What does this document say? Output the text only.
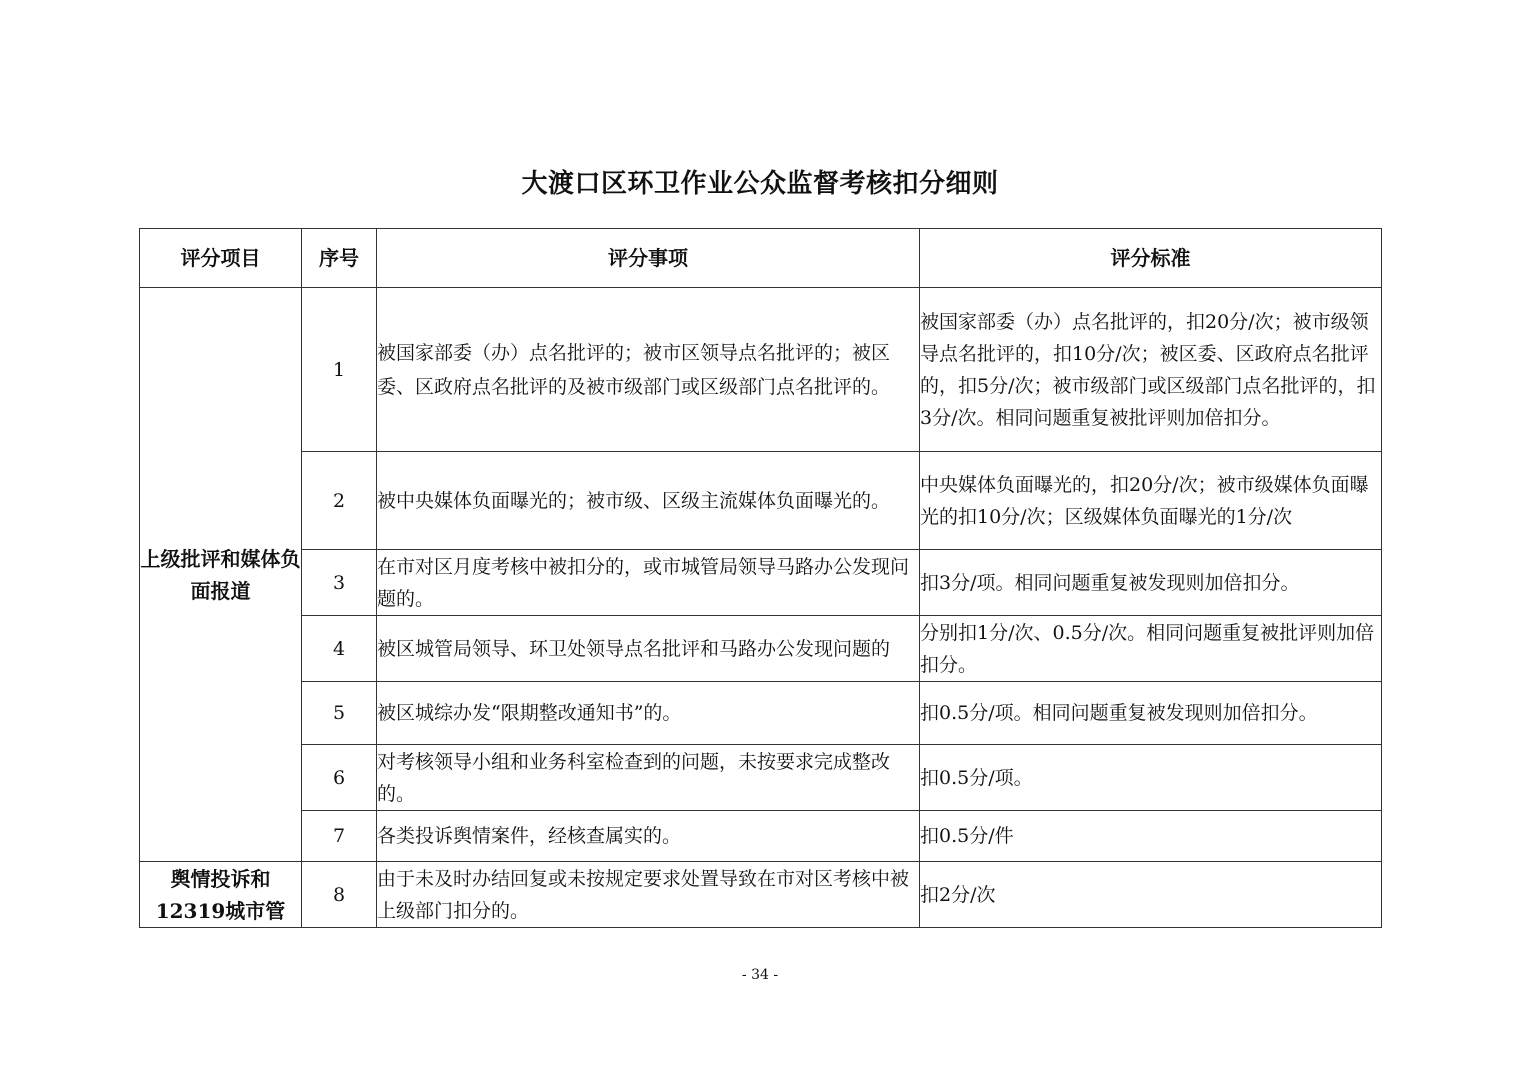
大渡口区环卫作业公众监督考核扣分细则
评分项目	序号	评分事项	评分标准
上级批评和媒体负面报道	1	被国家部委（办）点名批评的；被市区领导点名批评的；被区委、区政府点名批评的及被市级部门或区级部门点名批评的。	被国家部委（办）点名批评的，扣20分/次；被市级领导点名批评的，扣10分/次；被区委、区政府点名批评的，扣5分/次；被市级部门或区级部门点名批评的，扣3分/次。相同问题重复被批评则加倍扣分。
	2	被中央媒体负面曝光的；被市级、区级主流媒体负面曝光的。	中央媒体负面曝光的，扣20分/次；被市级媒体负面曝光的扣10分/次；区级媒体负面曝光的1分/次
	3	在市对区月度考核中被扣分的，或市城管局领导马路办公发现问题的。	扣3分/项。相同问题重复被发现则加倍扣分。
	4	被区城管局领导、环卫处领导点名批评和马路办公发现问题的	分别扣1分/次、0.5分/次。相同问题重复被批评则加倍扣分。
	5	被区城综办发“限期整改通知书”的。	扣0.5分/项。相同问题重复被发现则加倍扣分。
	6	对考核领导小组和业务科室检查到的问题，未按要求完成整改的。	扣0.5分/项。
	7	各类投诉舆情案件，经核查属实的。	扣0.5分/件
舆情投诉和12319城市管	8	由于未及时办结回复或未按规定要求处置导致在市对区考核中被上级部门扣分的。	扣2分/次
- 34 -
